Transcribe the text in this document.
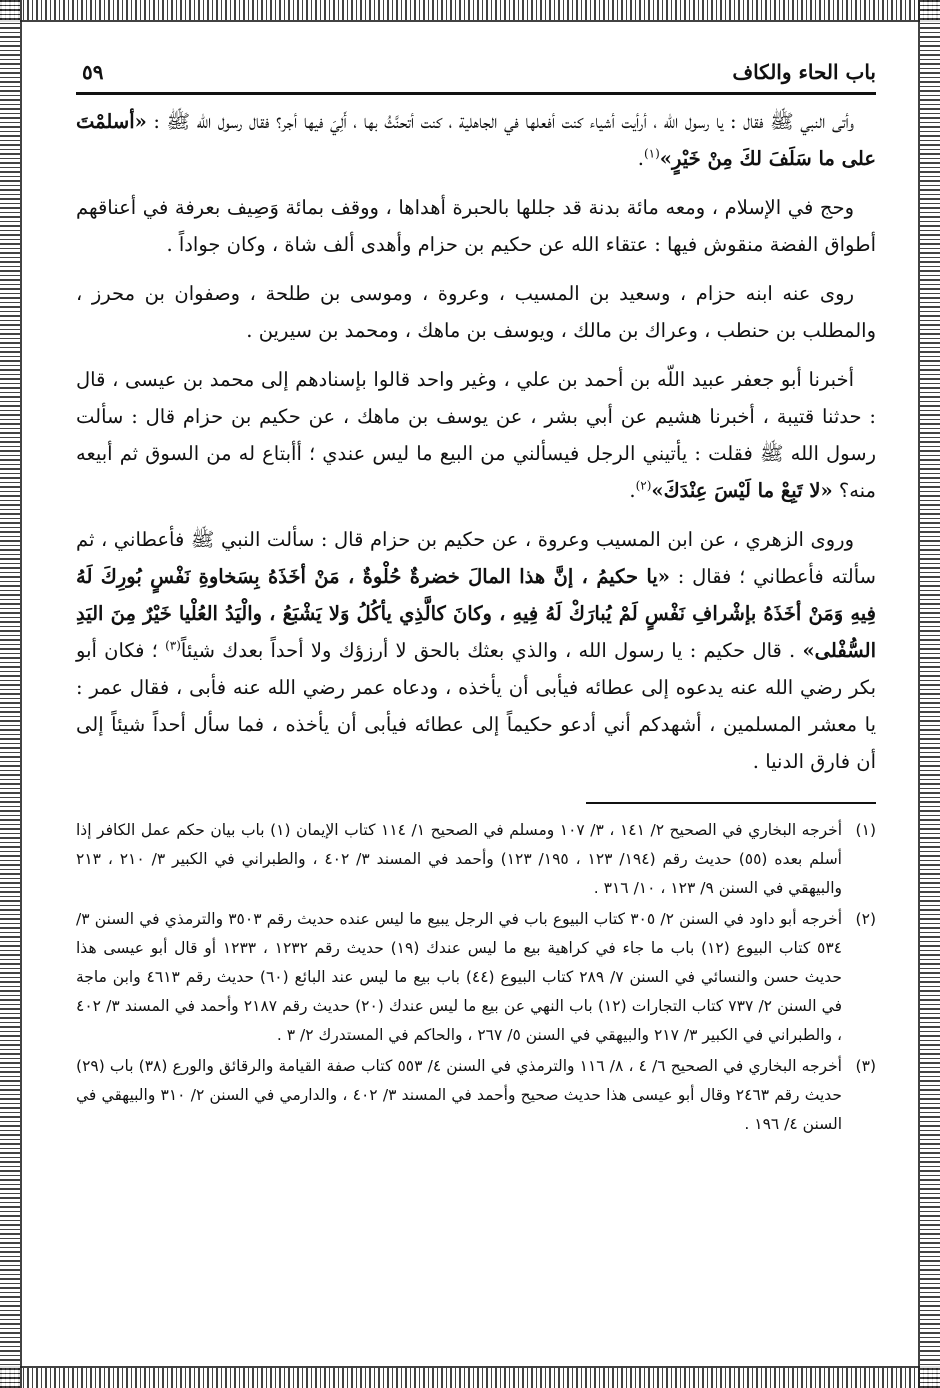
باب الحاء والكاف
٥٩

وأتى النبي ﷺ فقال : يا رسول الله ، أرأيت أشياء كنت أفعلها في الجاهلية ، كنت أتحنَّثُ بها ، أَلِيَ فيها أجر؟ فقال رسول الله ﷺ : «أسلمْتَ على ما سَلَفَ لكَ مِنْ خَيْرٍ»$^{(١)}$.

وحج في الإسلام ، ومعه مائة بدنة قد جللها بالحبرة أهداها ، ووقف بمائة وَصِيف بعرفة في أعناقهم أطواق الفضة منقوش فيها : عتقاء الله عن حكيم بن حزام وأهدى ألف شاة ، وكان جواداً .

روى عنه ابنه حزام ، وسعيد بن المسيب ، وعروة ، وموسى بن طلحة ، وصفوان بن محرز ، والمطلب بن حنطب ، وعراك بن مالك ، ويوسف بن ماهك ، ومحمد بن سيرين .

أخبرنا أبو جعفر عبيد اللّه بن أحمد بن علي ، وغير واحد قالوا بإسنادهم إلى محمد بن عيسى ، قال : حدثنا قتيبة ، أخبرنا هشيم عن أبي بشر ، عن يوسف بن ماهك ، عن حكيم بن حزام قال : سألت رسول الله ﷺ فقلت : يأتيني الرجل فيسألني من البيع ما ليس عندي ؛ أأبتاع له من السوق ثم أبيعه منه؟ «لا تَبِعْ ما لَيْسَ عِنْدَكَ»$^{(٢)}$.

وروى الزهري ، عن ابن المسيب وعروة ، عن حكيم بن حزام قال : سألت النبي ﷺ فأعطاني ، ثم سألته فأعطاني ؛ فقال : «يا حكيمُ ، إنَّ هذا المالَ خضرةٌ حُلْوةٌ ، مَنْ أخَذَهُ بِسَخاوةِ نَفْسٍ بُورِكَ لَهُ فِيهِ وَمَنْ أخَذَهُ بإشْرافِ نَفْسٍ لَمْ يُبارَكْ لَهُ فِيهِ ، وكانَ كالَّذِي يأكُلُ وَلا يَشْبَعُ ، والْيَدُ العُلْيا خَيْرٌ مِنَ اليَدِ السُّفْلى» . قال حكيم : يا رسول الله ، والذي بعثك بالحق لا أرزؤك ولا أحداً بعدك شيئاً$^{(٣)}$ ؛ فكان أبو بكر رضي الله عنه يدعوه إلى عطائه فيأبى أن يأخذه ، ودعاه عمر رضي الله عنه فأبى ، فقال عمر : يا معشر المسلمين ، أشهدكم أني أدعو حكيماً إلى عطائه فيأبى أن يأخذه ، فما سأل أحداً شيئاً إلى أن فارق الدنيا .

(١)
أخرجه البخاري في الصحيح ٢/ ١٤١ ، ٣/ ١٠٧ ومسلم في الصحيح ١/ ١١٤ كتاب الإيمان (١) باب بيان حكم عمل الكافر إذا أسلم بعده (٥٥) حديث رقم (١٩٤/ ١٢٣ ، ١٩٥/ ١٢٣) وأحمد في المسند ٣/ ٤٠٢ ، والطبراني في الكبير ٣/ ٢١٠ ، ٢١٣ والبيهقي في السنن ٩/ ١٢٣ ، ١٠/ ٣١٦ .
(٢)
أخرجه أبو داود في السنن ٢/ ٣٠٥ كتاب البيوع باب في الرجل يبيع ما ليس عنده حديث رقم ٣٥٠٣ والترمذي في السنن ٣/ ٥٣٤ كتاب البيوع (١٢) باب ما جاء في كراهية بيع ما ليس عندك (١٩) حديث رقم ١٢٣٢ ، ١٢٣٣ أو قال أبو عيسى هذا حديث حسن والنسائي في السنن ٧/ ٢٨٩ كتاب البيوع (٤٤) باب بيع ما ليس عند البائع (٦٠) حديث رقم ٤٦١٣ وابن ماجة في السنن ٢/ ٧٣٧ كتاب التجارات (١٢) باب النهي عن بيع ما ليس عندك (٢٠) حديث رقم ٢١٨٧ وأحمد في المسند ٣/ ٤٠٢ ، والطبراني في الكبير ٣/ ٢١٧ والبيهقي في السنن ٥/ ٢٦٧ ، والحاكم في المستدرك ٢/ ٣ .
(٣)
أخرجه البخاري في الصحيح ٦/ ٤ ، ٨/ ١١٦ والترمذي في السنن ٤/ ٥٥٣ كتاب صفة القيامة والرقائق والورع (٣٨) باب (٢٩) حديث رقم ٢٤٦٣ وقال أبو عيسى هذا حديث صحيح وأحمد في المسند ٣/ ٤٠٢ ، والدارمي في السنن ٢/ ٣١٠ والبيهقي في السنن ٤/ ١٩٦ .
